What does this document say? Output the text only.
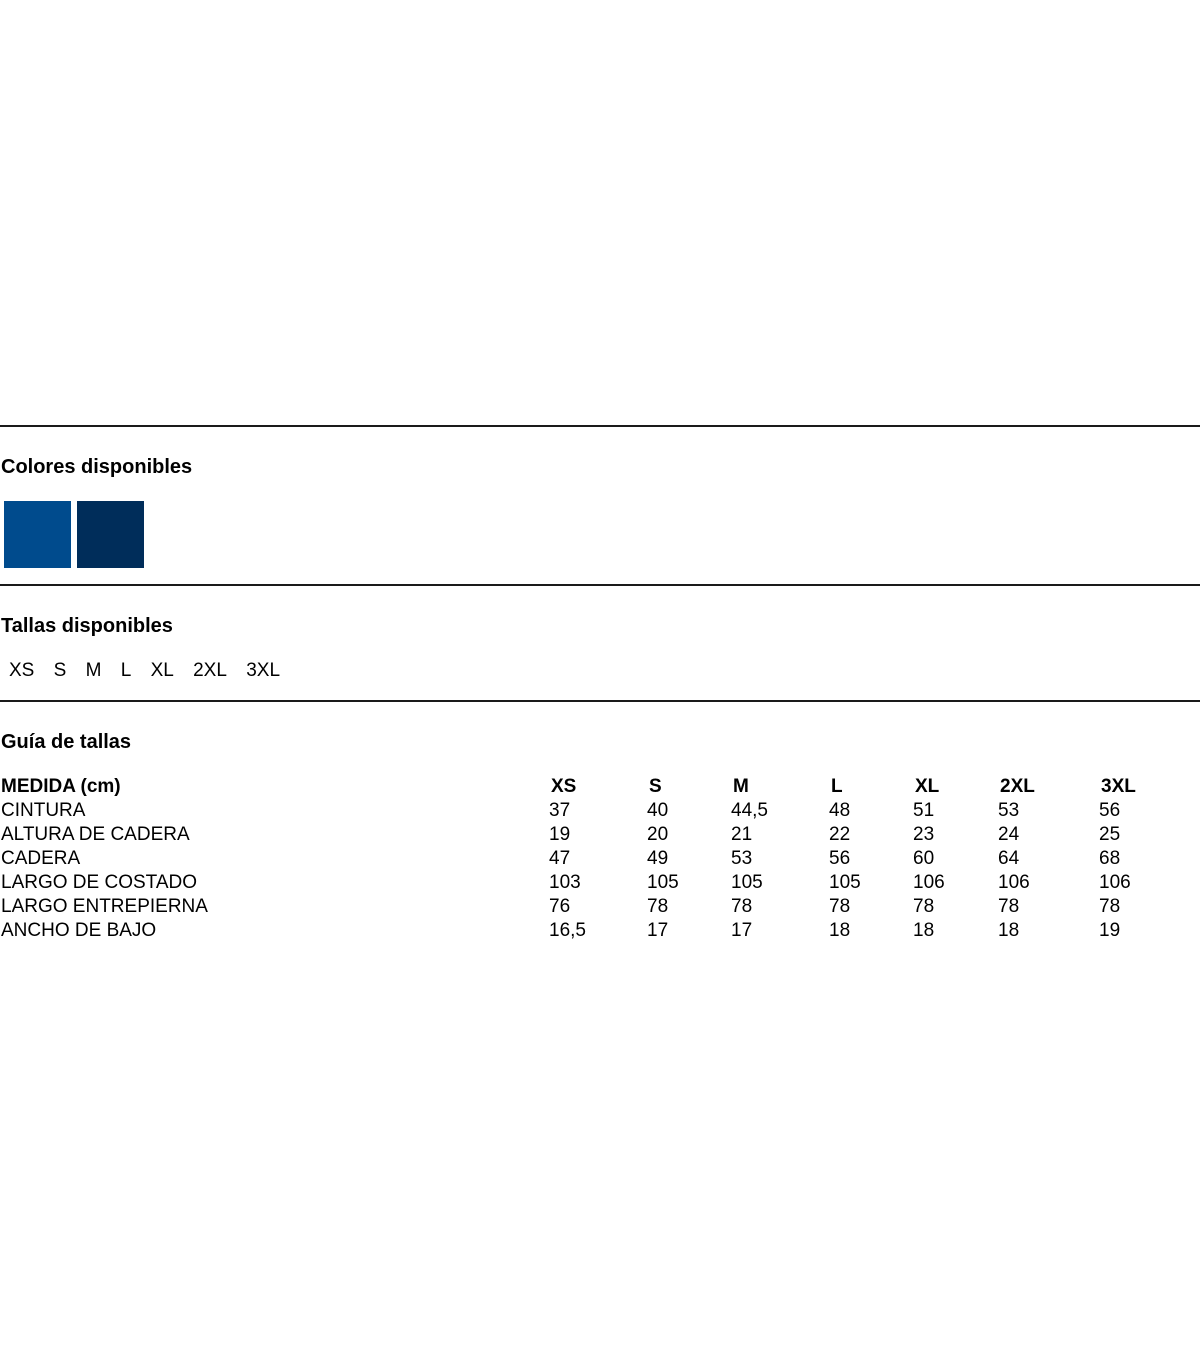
Colores disponibles
Tallas disponibles
XS S M L XL 2XL 3XL
Guía de tallas
MEDIDA (cm)	XS	S	M	L	XL	2XL	3XL
CINTURA	37	40	44,5	48	51	53	56
ALTURA DE CADERA	19	20	21	22	23	24	25
CADERA	47	49	53	56	60	64	68
LARGO DE COSTADO	103	105	105	105	106	106	106
LARGO ENTREPIERNA	76	78	78	78	78	78	78
ANCHO DE BAJO	16,5	17	17	18	18	18	19
